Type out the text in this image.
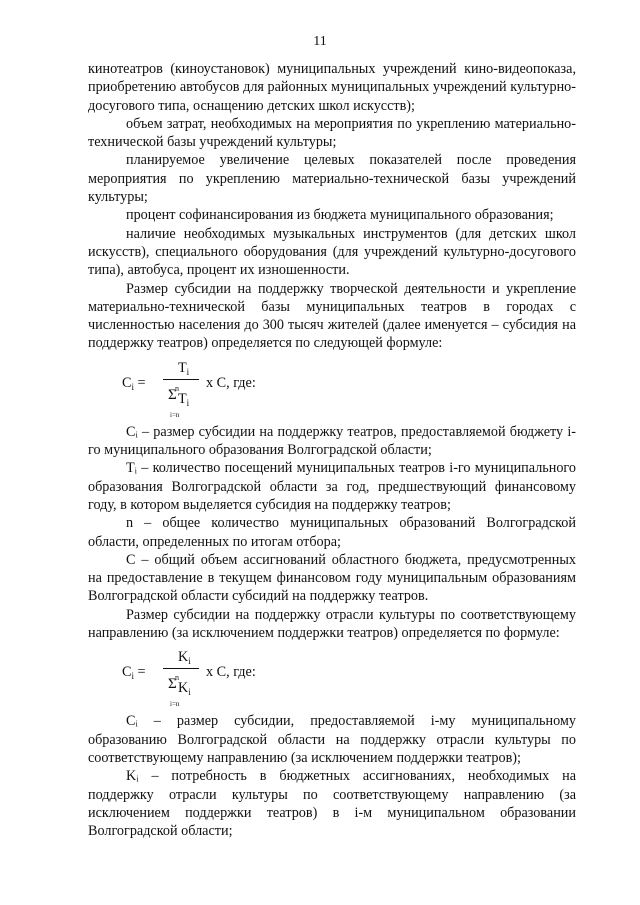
11

кинотеатров (киноустановок) муниципальных учреждений кино-видеопоказа, приобретению автобусов для районных муниципальных учреждений культурно-досугового типа, оснащению детских школ искусств);

объем затрат, необходимых на мероприятия по укреплению материально-технической базы учреждений культуры;

планируемое увеличение целевых показателей после проведения мероприятия по укреплению материально-технической базы учреждений культуры;

процент софинансирования из бюджета муниципального образования;

наличие необходимых музыкальных инструментов (для детских школ искусств), специального оборудования (для учреждений культурно-досугового типа), автобуса, процент их изношенности.

Размер субсидии на поддержку творческой деятельности и укрепление материально-технической базы муниципальных театров в городах с численностью населения до 300 тысяч жителей (далее именуется – субсидия на поддержку театров) определяется по следующей формуле:

$C_i$ =
$T_i$
n
Σ $T_i$
i=n
x C, где:

Cᵢ – размер субсидии на поддержку театров, предоставляемой бюджету i-го муниципального образования Волгоградской области;

Tᵢ – количество посещений муниципальных театров i-го муниципального образования Волгоградской области за год, предшествующий финансовому году, в котором выделяется субсидия на поддержку театров;

n – общее количество муниципальных образований Волгоградской области, определенных по итогам отбора;

C – общий объем ассигнований областного бюджета, предусмотренных на предоставление в текущем финансовом году муниципальным образованиям Волгоградской области субсидий на поддержку театров.

Размер субсидии на поддержку отрасли культуры по соответствующему направлению (за исключением поддержки театров) определяется по формуле:

$C_i$ =
$K_i$
n
Σ $K_i$
i=n
x C, где:

Cᵢ – размер субсидии, предоставляемой i-му муниципальному образованию Волгоградской области на поддержку отрасли культуры по соответствующему направлению (за исключением поддержки театров);

Kᵢ – потребность в бюджетных ассигнованиях, необходимых на поддержку отрасли культуры по соответствующему направлению (за исключением поддержки театров) в i-м муниципальном образовании Волгоградской области;
